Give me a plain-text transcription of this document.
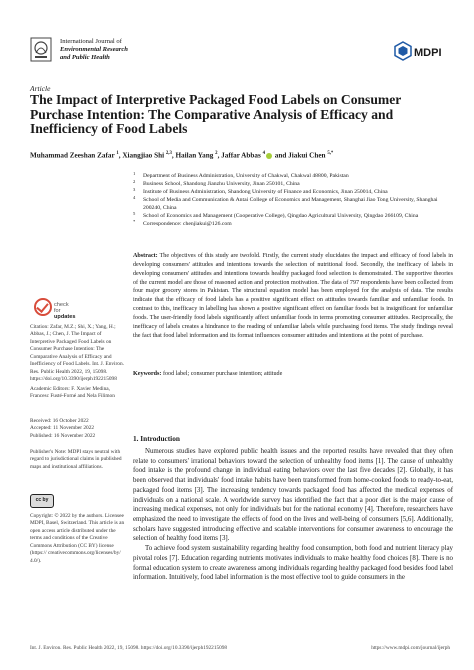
International Journal of
Environmental Research
and Public Health	MDPI
Article
The Impact of Interpretive Packaged Food Labels on Consumer Purchase Intention: The Comparative Analysis of Efficacy and Inefficiency of Food Labels
Muhammad Zeeshan Zafar $^1$, Xiangjiao Shi $^{2,3}$, Hailan Yang $^2$, Jaffar Abbas $^4$ and Jiakui Chen $^{5,*}$
1 Department of Business Administration, University of Chakwal, Chakwal 48800, Pakistan
2 Business School, Shandong Jianzhu University, Jinan 250101, China
3 Institute of Business Administration, Shandong University of Finance and Economics, Jinan 250014, China
4 School of Media and Communication & Antai College of Economics and Management, Shanghai Jiao Tong University, Shanghai 200240, China
5 School of Economics and Management (Cooperative College), Qingdao Agricultural University, Qingdao 266109, China
* Correspondence: chenjiakui@126.com

Abstract: The objectives of this study are twofold. Firstly, the current study elucidates the impact and efficacy of food labels in developing consumers' attitudes and intentions towards the selection of nutritional food. Secondly, the inefficacy of labels in developing consumers' attitudes and intentions towards healthy packaged food selection is demonstrated. The supportive theories of the current model are those of reasoned action and protection motivation. The data of 797 respondents have been collected from four major grocery stores in Pakistan. The structural equation model has been employed for the analysis of data. The results indicate that the efficacy of food labels has a positive significant effect on attitudes towards familiar and unfamiliar foods. In contrast to this, inefficacy in labelling has shown a positive significant effect on familiar foods but is insignificant for unfamiliar foods. The user-friendly food labels significantly affect unfamiliar foods in terms promoting consumer attitudes. Reciprocally, the inefficacy of labels creates a hindrance to the reading of unfamiliar labels while purchasing food items. The study findings reveal the fact that food label information and its format influences consumer attitudes and intentions at the point of purchase.

Keywords: food label; consumer purchase intention; attitude

check for
updates

Citation: Zafar, M.Z.; Shi, X.; Yang, H.; Abbas, J.; Chen, J. The Impact of Interpretive Packaged Food Labels on Consumer Purchase Intention: The Comparative Analysis of Efficacy and Inefficiency of Food Labels. Int. J. Environ. Res. Public Health 2022, 19, 15098. https://doi.org/10.3390/ijerph192215098

Academic Editors: F. Xavier Medina, Francesc Fusté-Forné and Nela Filimon

Received: 16 October 2022
Accepted: 11 November 2022
Published: 16 November 2022

Publisher's Note: MDPI stays neutral with regard to jurisdictional claims in published maps and institutional affiliations.

cc by

Copyright: © 2022 by the authors. Licensee MDPI, Basel, Switzerland. This article is an open access article distributed under the terms and conditions of the Creative Commons Attribution (CC BY) license (https:// creativecommons.org/licenses/by/ 4.0/).

1. Introduction

Numerous studies have explored public health issues and the reported results have revealed that they often relate to consumers' irrational behaviors toward the selection of unhealthy food items [1]. The cause of unhealthy food intake is the profound change in individual eating behaviors over the last five decades [2]. Globally, it has been observed that individuals' food intake habits have been transformed from home-cooked foods to ready-to-eat, packaged food items [3]. The increasing tendency towards packaged food has affected the medical expenses of individuals on a national scale. A worldwide survey has identified the fact that a poor diet is the major cause of increasing medical expenses, not only for individuals but for the national economy [4]. Therefore, researchers have emphasized the need to investigate the effects of food on the lives and well-being of consumers [5,6]. Additionally, scholars have suggested introducing effective and scalable interventions for consumer awareness to encourage the selection of healthy food items [3].

To achieve food system sustainability regarding healthy food consumption, both food and nutrient literacy play pivotal roles [7]. Education regarding nutrients motivates individuals to make healthy food choices [8]. There is no formal education system to create awareness among individuals regarding healthy packaged food besides food label information. Intuitively, food label information is the most effective tool to guide consumers in the

Int. J. Environ. Res. Public Health 2022, 19, 15098. https://doi.org/10.3390/ijerph192215098	https://www.mdpi.com/journal/ijerph
